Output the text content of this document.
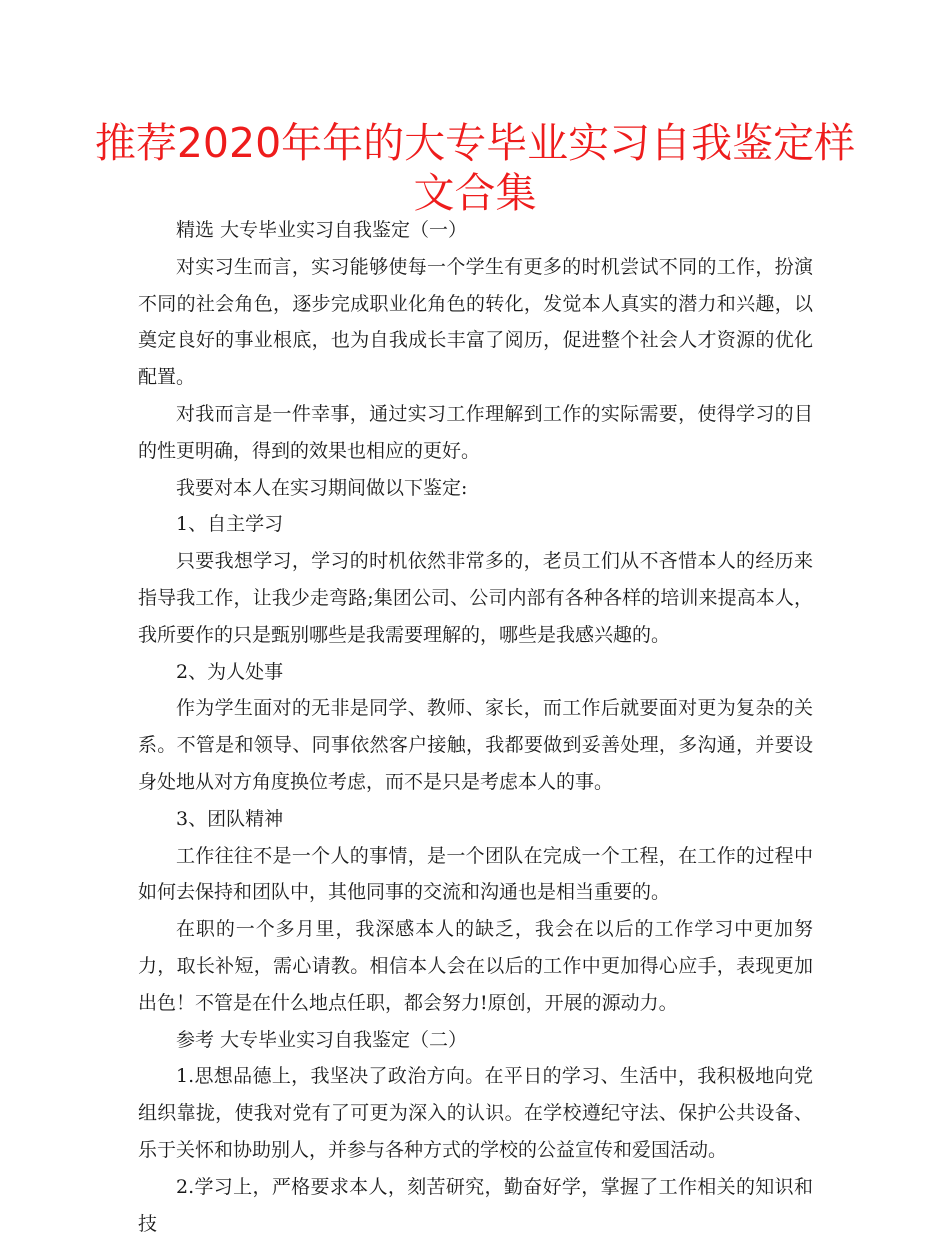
推荐2020年年的大专毕业实习自我鉴定样文合集

精选 大专毕业实习自我鉴定（一）

对实习生而言，实习能够使每一个学生有更多的时机尝试不同的工作，扮演不同的社会角色，逐步完成职业化角色的转化，发觉本人真实的潜力和兴趣，以奠定良好的事业根底，也为自我成长丰富了阅历，促进整个社会人才资源的优化配置。

对我而言是一件幸事，通过实习工作理解到工作的实际需要，使得学习的目的性更明确，得到的效果也相应的更好。

我要对本人在实习期间做以下鉴定:

1、自主学习

只要我想学习，学习的时机依然非常多的，老员工们从不吝惜本人的经历来指导我工作，让我少走弯路;集团公司、公司内部有各种各样的培训来提高本人，我所要作的只是甄别哪些是我需要理解的，哪些是我感兴趣的。

2、为人处事

作为学生面对的无非是同学、教师、家长，而工作后就要面对更为复杂的关系。不管是和领导、同事依然客户接触，我都要做到妥善处理，多沟通，并要设身处地从对方角度换位考虑，而不是只是考虑本人的事。

3、团队精神

工作往往不是一个人的事情，是一个团队在完成一个工程，在工作的过程中如何去保持和团队中，其他同事的交流和沟通也是相当重要的。

在职的一个多月里，我深感本人的缺乏，我会在以后的工作学习中更加努力，取长补短，需心请教。相信本人会在以后的工作中更加得心应手，表现更加出色！不管是在什么地点任职，都会努力!原创，开展的源动力。

参考 大专毕业实习自我鉴定（二）

1.思想品德上，我坚决了政治方向。在平日的学习、生活中，我积极地向党组织靠拢，使我对党有了可更为深入的认识。在学校遵纪守法、保护公共设备、乐于关怀和协助别人，并参与各种方式的学校的公益宣传和爱国活动。

2.学习上，严格要求本人，刻苦研究，勤奋好学，掌握了工作相关的知识和技
